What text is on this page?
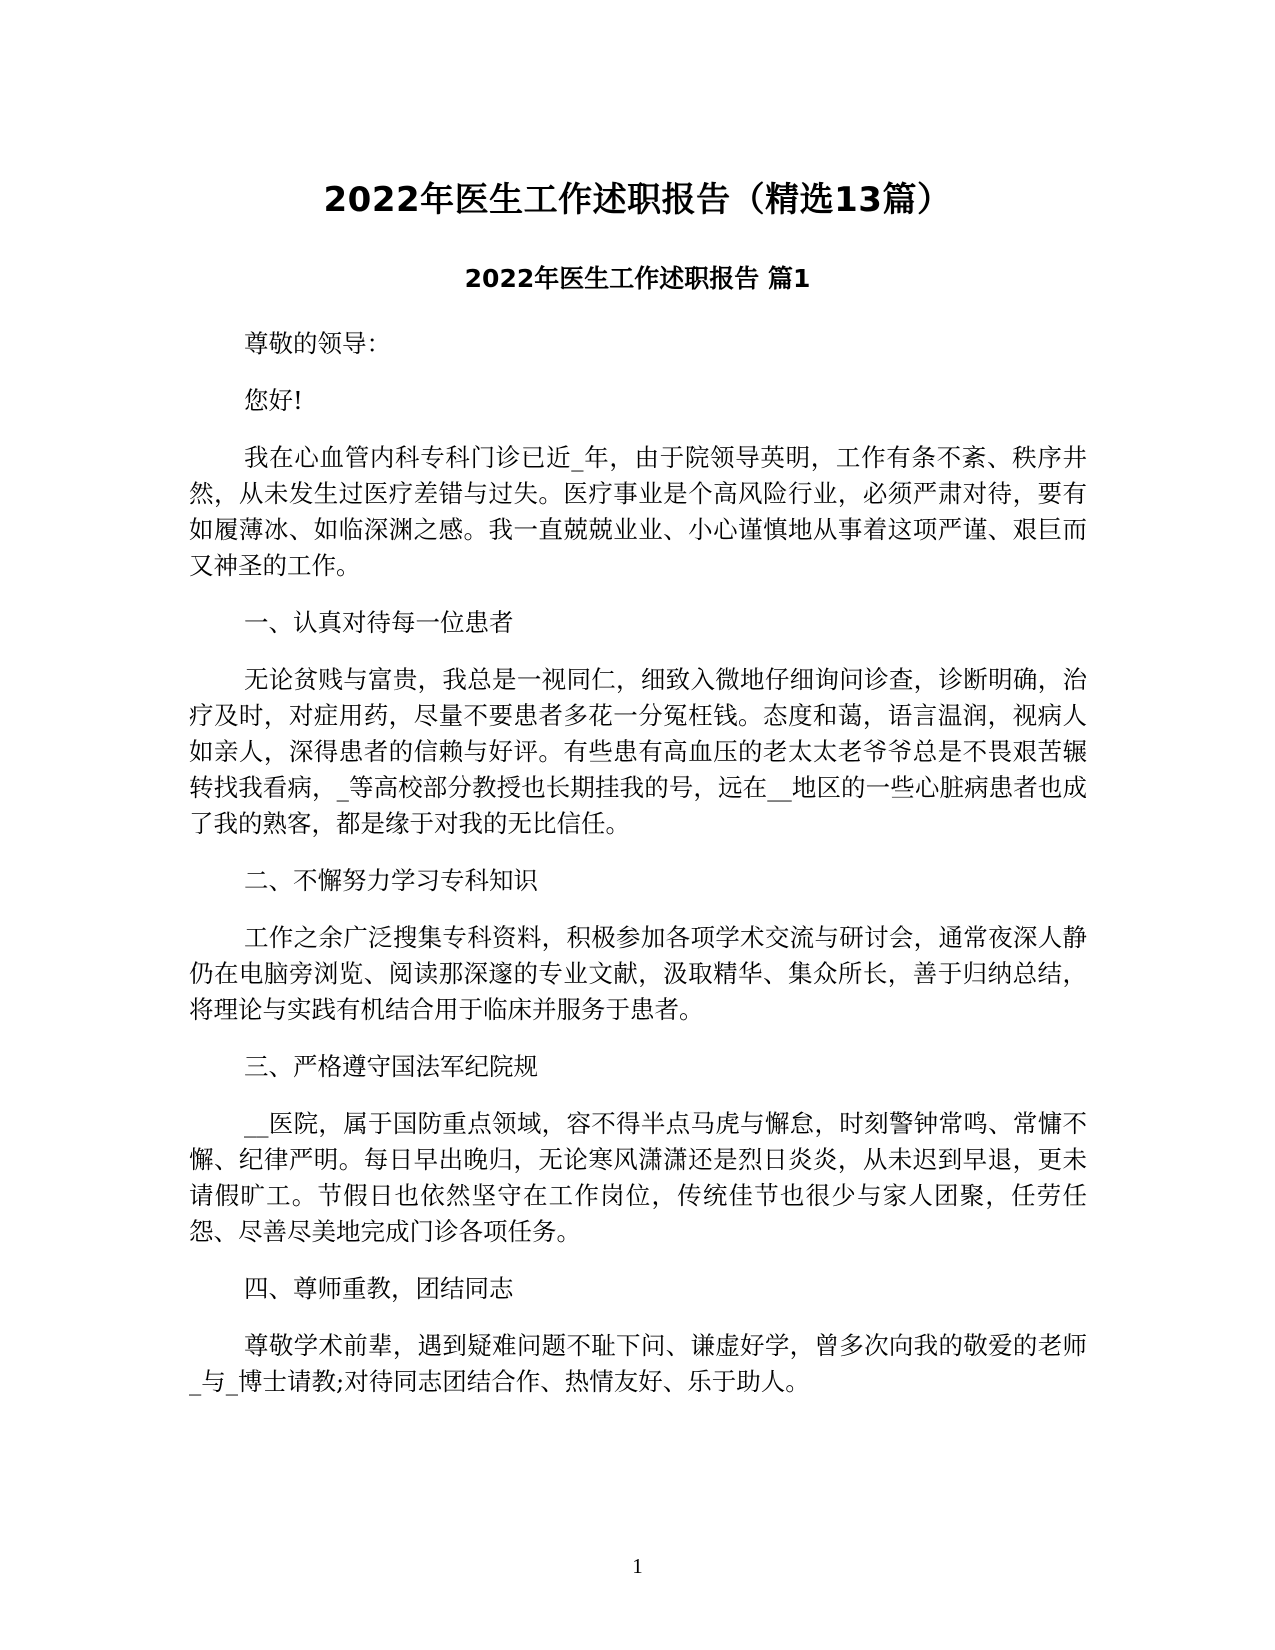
2022年医生工作述职报告（精选13篇）
2022年医生工作述职报告 篇1

尊敬的领导：

您好!

我在心血管内科专科门诊已近_年，由于院领导英明，工作有条不紊、秩序井然，从未发生过医疗差错与过失。医疗事业是个高风险行业，必须严肃对待，要有如履薄冰、如临深渊之感。我一直兢兢业业、小心谨慎地从事着这项严谨、艰巨而又神圣的工作。

一、认真对待每一位患者

无论贫贱与富贵，我总是一视同仁，细致入微地仔细询问诊查，诊断明确，治疗及时，对症用药，尽量不要患者多花一分冤枉钱。态度和蔼，语言温润，视病人如亲人，深得患者的信赖与好评。有些患有高血压的老太太老爷爷总是不畏艰苦辗转找我看病，_等高校部分教授也长期挂我的号，远在__地区的一些心脏病患者也成了我的熟客，都是缘于对我的无比信任。

二、不懈努力学习专科知识

工作之余广泛搜集专科资料，积极参加各项学术交流与研讨会，通常夜深人静仍在电脑旁浏览、阅读那深邃的专业文献，汲取精华、集众所长，善于归纳总结，将理论与实践有机结合用于临床并服务于患者。

三、严格遵守国法军纪院规

__医院，属于国防重点领域，容不得半点马虎与懈怠，时刻警钟常鸣、常慵不懈、纪律严明。每日早出晚归，无论寒风潇潇还是烈日炎炎，从未迟到早退，更未请假旷工。节假日也依然坚守在工作岗位，传统佳节也很少与家人团聚，任劳任怨、尽善尽美地完成门诊各项任务。

四、尊师重教，团结同志

尊敬学术前辈，遇到疑难问题不耻下问、谦虚好学，曾多次向我的敬爱的老师_与_博士请教;对待同志团结合作、热情友好、乐于助人。

1
